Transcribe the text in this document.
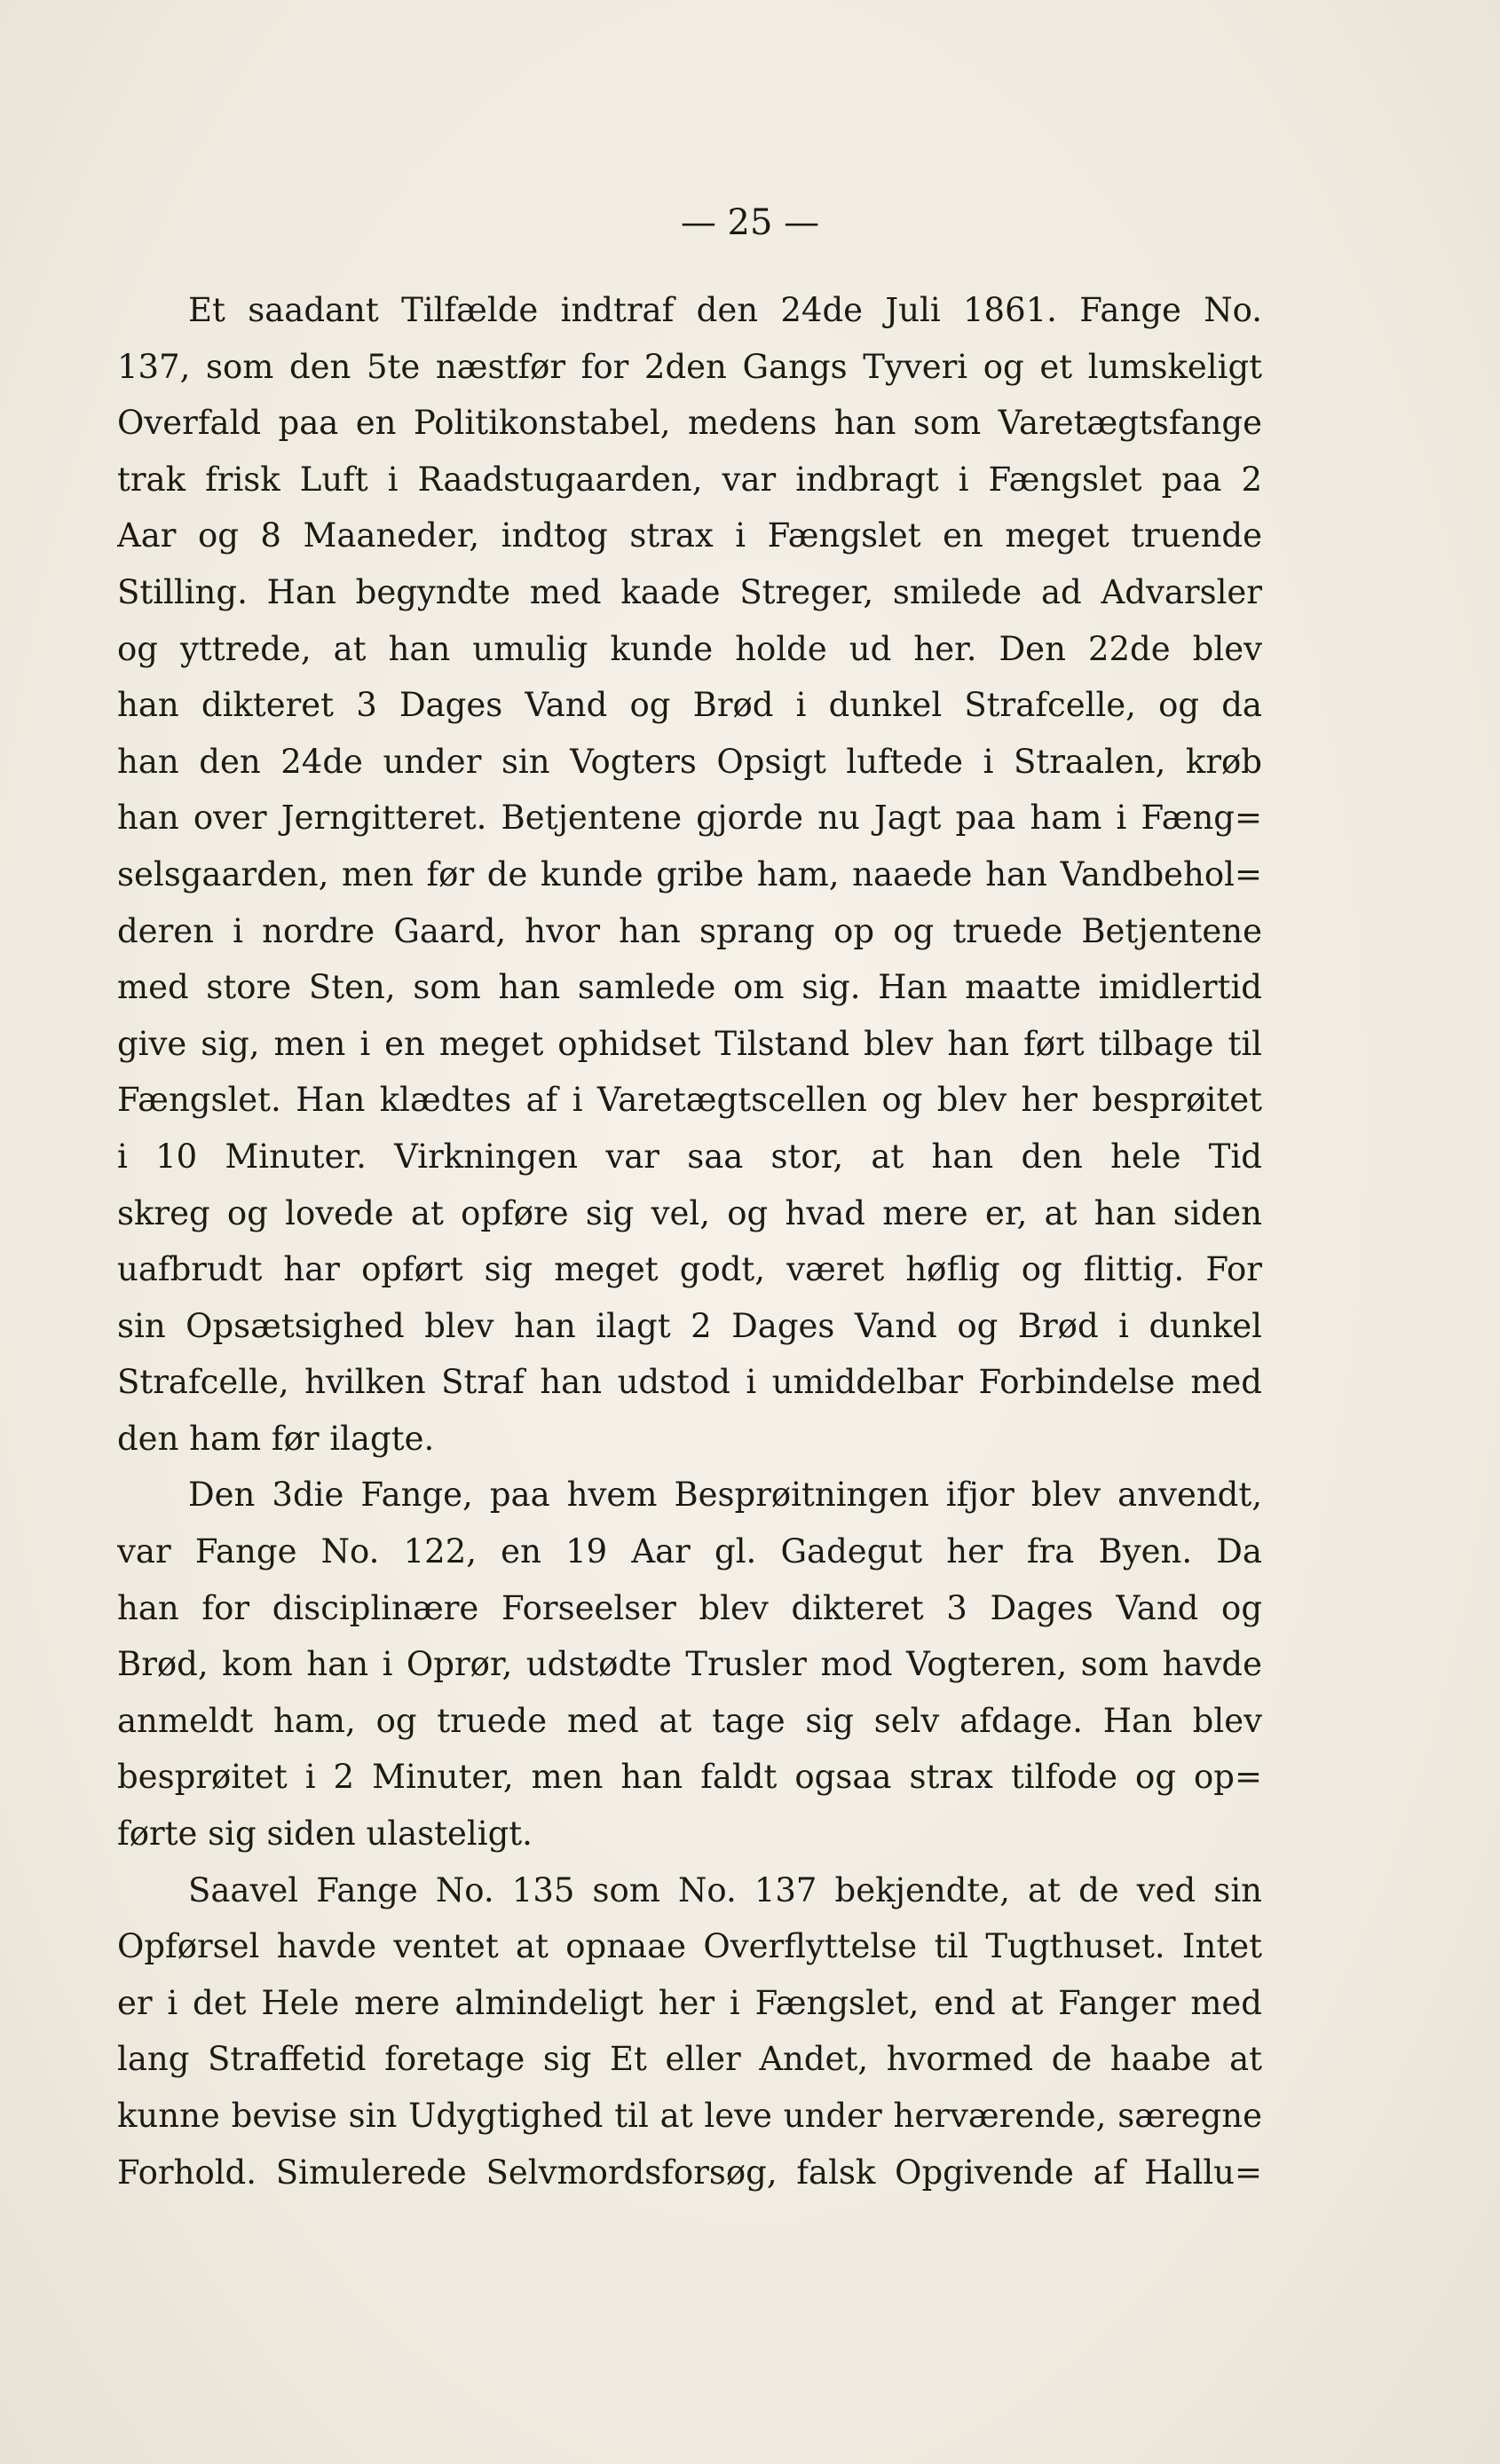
— 25 —
Et saadant Tilfælde indtraf den 24de Juli 1861. Fange No.
137, som den 5te næstfør for 2den Gangs Tyveri og et lumskeligt
Overfald paa en Politikonstabel, medens han som Varetægtsfange
trak frisk Luft i Raadstugaarden, var indbragt i Fængslet paa 2
Aar og 8 Maaneder, indtog strax i Fængslet en meget truende
Stilling. Han begyndte med kaade Streger, smilede ad Advarsler
og yttrede, at han umulig kunde holde ud her. Den 22de blev
han dikteret 3 Dages Vand og Brød i dunkel Strafcelle, og da
han den 24de under sin Vogters Opsigt luftede i Straalen, krøb
han over Jerngitteret. Betjentene gjorde nu Jagt paa ham i Fæng=
selsgaarden, men før de kunde gribe ham, naaede han Vandbehol=
deren i nordre Gaard, hvor han sprang op og truede Betjentene
med store Sten, som han samlede om sig. Han maatte imidlertid
give sig, men i en meget ophidset Tilstand blev han ført tilbage til
Fængslet. Han klædtes af i Varetægtscellen og blev her besprøitet
i 10 Minuter. Virkningen var saa stor, at han den hele Tid
skreg og lovede at opføre sig vel, og hvad mere er, at han siden
uafbrudt har opført sig meget godt, været høflig og flittig. For
sin Opsætsighed blev han ilagt 2 Dages Vand og Brød i dunkel
Strafcelle, hvilken Straf han udstod i umiddelbar Forbindelse med
den ham før ilagte.
Den 3die Fange, paa hvem Besprøitningen ifjor blev anvendt,
var Fange No. 122, en 19 Aar gl. Gadegut her fra Byen. Da
han for disciplinære Forseelser blev dikteret 3 Dages Vand og
Brød, kom han i Oprør, udstødte Trusler mod Vogteren, som havde
anmeldt ham, og truede med at tage sig selv afdage. Han blev
besprøitet i 2 Minuter, men han faldt ogsaa strax tilfode og op=
førte sig siden ulasteligt.
Saavel Fange No. 135 som No. 137 bekjendte, at de ved sin
Opførsel havde ventet at opnaae Overflyttelse til Tugthuset. Intet
er i det Hele mere almindeligt her i Fængslet, end at Fanger med
lang Straffetid foretage sig Et eller Andet, hvormed de haabe at
kunne bevise sin Udygtighed til at leve under herværende, særegne
Forhold. Simulerede Selvmordsforsøg, falsk Opgivende af Hallu=
